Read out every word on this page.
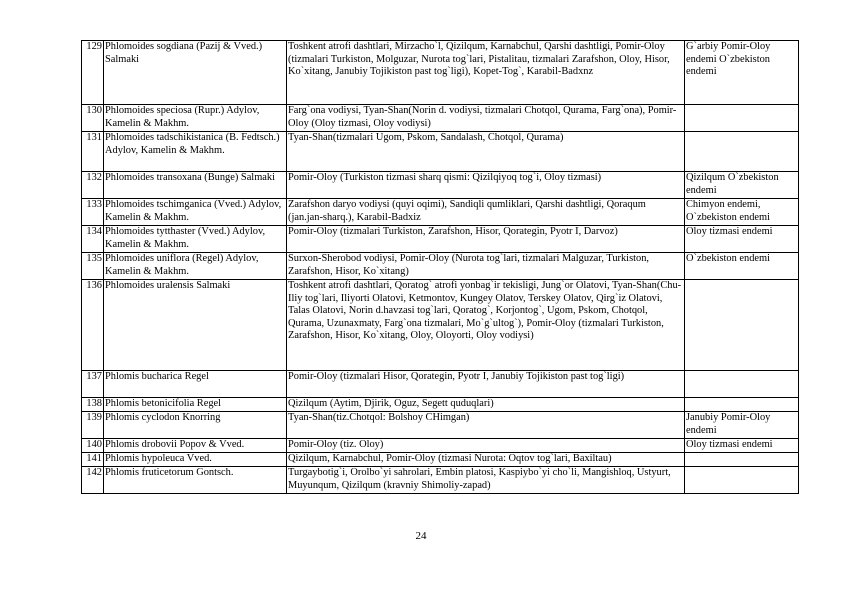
129	Phlomoides sogdiana (Pazij & Vved.) Salmaki	Toshkent atrofi dashtlari, Mirzacho`l, Qizilqum, Karnabchul, Qarshi dashtligi, Pomir-Oloy (tizmalari Turkiston, Molguzar, Nurota tog`lari, Pistalitau, tizmalari Zarafshon, Oloy, Hisor, Ko`xitang, Janubiy Tojikiston past tog`ligi), Kopet-Tog`, Karabil-Badxnz	G`arbiy Pomir-Oloy endemi O`zbekiston endemi
130	Phlomoides speciosa (Rupr.) Adylov, Kamelin & Makhm.	Farg`ona vodiysi, Tyan-Shan(Norin d. vodiysi, tizmalari Chotqol, Qurama, Farg`ona), Pomir-Oloy (Oloy tizmasi, Oloy vodiysi)	
131	Phlomoides tadschikistanica (B. Fedtsch.) Adylov, Kamelin & Makhm.	Tyan-Shan(tizmalari Ugom, Pskom, Sandalash, Chotqol, Qurama)	
132	Phlomoides transoxana (Bunge) Salmaki	Pomir-Oloy (Turkiston tizmasi sharq qismi: Qizilqiyoq tog`i, Oloy tizmasi)	Qizilqum O`zbekiston endemi
133	Phlomoides tschimganica (Vved.) Adylov, Kamelin & Makhm.	Zarafshon daryo vodiysi (quyi oqimi), Sandiqli qumliklari, Qarshi dashtligi, Qoraqum (jan.jan-sharq.), Karabil-Badxiz	Chimyon endemi, O`zbekiston endemi
134	Phlomoides tytthaster (Vved.) Adylov, Kamelin & Makhm.	Pomir-Oloy (tizmalari Turkiston, Zarafshon, Hisor, Qorategin, Pyotr I, Darvoz)	Oloy tizmasi endemi
135	Phlomoides uniflora (Regel) Adylov, Kamelin & Makhm.	Surxon-Sherobod vodiysi, Pomir-Oloy (Nurota tog`lari, tizmalari Malguzar, Turkiston, Zarafshon, Hisor, Ko`xitang)	O`zbekiston endemi
136	Phlomoides uralensis Salmaki	Toshkent atrofi dashtlari, Qoratog` atrofi yonbag`ir tekisligi, Jung`or Olatovi, Tyan-Shan(Chu-Iliy tog`lari, Iliyorti Olatovi, Ketmontov, Kungey Olatov, Terskey Olatov, Qirg`iz Olatovi, Talas Olatovi, Norin d.havzasi tog`lari, Qoratog`, Korjontog`, Ugom, Pskom, Chotqol, Qurama, Uzunaxmaty, Farg`ona tizmalari, Mo`g`ultog`), Pomir-Oloy (tizmalari Turkiston, Zarafshon, Hisor, Ko`xitang, Oloy, Oloyorti, Oloy vodiysi)	
137	Phlomis bucharica Regel	Pomir-Oloy (tizmalari Hisor, Qorategin, Pyotr I, Janubiy Tojikiston past tog`ligi)	
138	Phlomis betonicifolia Regel	Qizilqum (Aytim, Djirik, Oguz, Segett quduqlari)	
139	Phlomis cyclodon Knorring	Tyan-Shan(tiz.Chotqol: Bolshoy CHimgan)	Janubiy Pomir-Oloy endemi
140	Phlomis drobovii Popov & Vved.	Pomir-Oloy (tiz. Oloy)	Oloy tizmasi endemi
141	Phlomis hypoleuca Vved.	Qizilqum, Karnabchul, Pomir-Oloy (tizmasi Nurota: Oqtov tog`lari, Baxiltau)	
142	Phlomis fruticetorum Gontsch.	Turgaybotig`i, Orolbo`yi sahrolari, Embin platosi, Kaspiybo`yi cho`li, Mangishloq, Ustyurt, Muyunqum, Qizilqum (kravniy Shimoliy-zapad)	
24
